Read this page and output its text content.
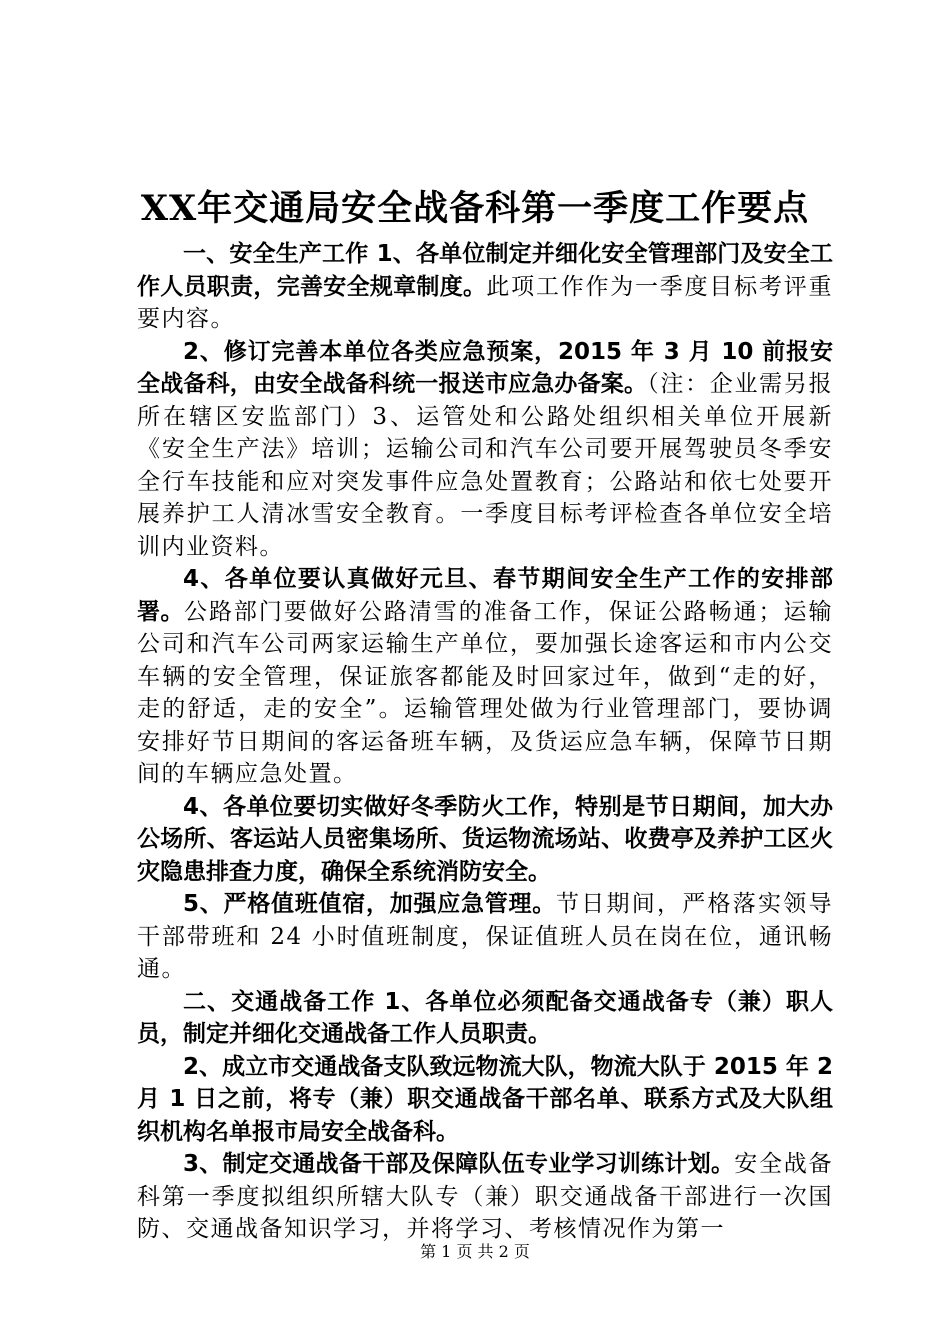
XX年交通局安全战备科第一季度工作要点

一、安全生产工作 1、各单位制定并细化安全管理部门及安全工作人员职责，完善安全规章制度。此项工作作为一季度目标考评重要内容。

2、修订完善本单位各类应急预案，2015 年 3 月 10 前报安全战备科，由安全战备科统一报送市应急办备案。（注：企业需另报所在辖区安监部门）3、运管处和公路处组织相关单位开展新《安全生产法》培训；运输公司和汽车公司要开展驾驶员冬季安全行车技能和应对突发事件应急处置教育；公路站和依七处要开展养护工人清冰雪安全教育。一季度目标考评检查各单位安全培训内业资料。

4、各单位要认真做好元旦、春节期间安全生产工作的安排部署。公路部门要做好公路清雪的准备工作，保证公路畅通；运输公司和汽车公司两家运输生产单位，要加强长途客运和市内公交车辆的安全管理，保证旅客都能及时回家过年，做到“走的好，走的舒适，走的安全”。运输管理处做为行业管理部门，要协调安排好节日期间的客运备班车辆，及货运应急车辆，保障节日期间的车辆应急处置。

4、各单位要切实做好冬季防火工作，特别是节日期间，加大办公场所、客运站人员密集场所、货运物流场站、收费亭及养护工区火灾隐患排查力度，确保全系统消防安全。

5、严格值班值宿，加强应急管理。节日期间，严格落实领导干部带班和 24 小时值班制度，保证值班人员在岗在位，通讯畅通。

二、交通战备工作 1、各单位必须配备交通战备专（兼）职人员，制定并细化交通战备工作人员职责。

2、成立市交通战备支队致远物流大队，物流大队于 2015 年 2 月 1 日之前，将专（兼）职交通战备干部名单、联系方式及大队组织机构名单报市局安全战备科。

3、制定交通战备干部及保障队伍专业学习训练计划。安全战备科第一季度拟组织所辖大队专（兼）职交通战备干部进行一次国防、交通战备知识学习，并将学习、考核情况作为第一

第 1 页 共 2 页
